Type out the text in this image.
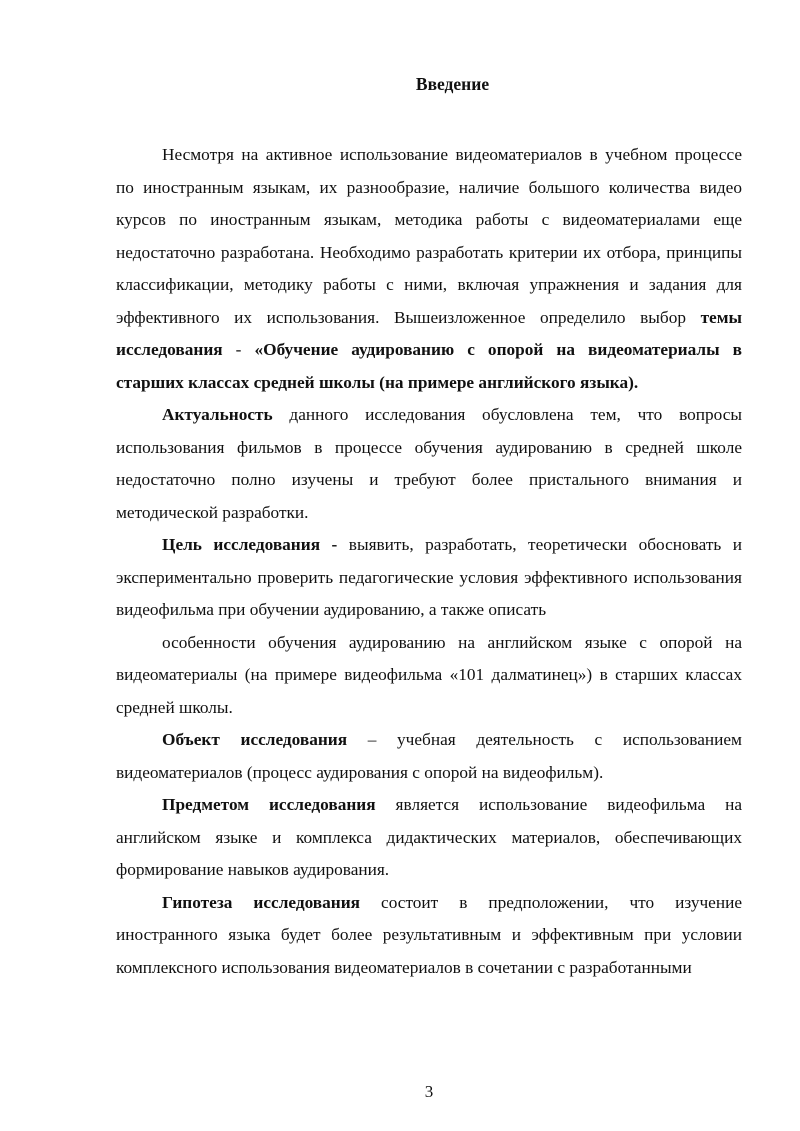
Введение

Несмотря на активное использование видеоматериалов в учебном процессе по иностранным языкам, их разнообразие, наличие большого количества видео курсов по иностранным языкам, методика работы с видеоматериалами еще недостаточно разработана. Необходимо разработать критерии их отбора, принципы классификации, методику работы с ними, включая упражнения и задания для эффективного их использования. Вышеизложенное определило выбор темы исследования - «Обучение аудированию с опорой на видеоматериалы в старших классах средней школы (на примере английского языка).

Актуальность данного исследования обусловлена тем, что вопросы использования фильмов в процессе обучения аудированию в средней школе недостаточно полно изучены и требуют более пристального внимания и методической разработки.

Цель исследования - выявить, разработать, теоретически обосновать и экспериментально проверить педагогические условия эффективного использования видеофильма при обучении аудированию, а также описать

особенности обучения аудированию на английском языке с опорой на видеоматериалы (на примере видеофильма «101 далматинец») в старших классах средней школы.

Объект исследования – учебная деятельность с использованием видеоматериалов (процесс аудирования с опорой на видеофильм).

Предметом исследования является использование видеофильма на английском языке и комплекса дидактических материалов, обеспечивающих формирование навыков аудирования.

Гипотеза исследования состоит в предположении, что изучение иностранного языка будет более результативным и эффективным при условии комплексного использования видеоматериалов в сочетании с разработанными

3
